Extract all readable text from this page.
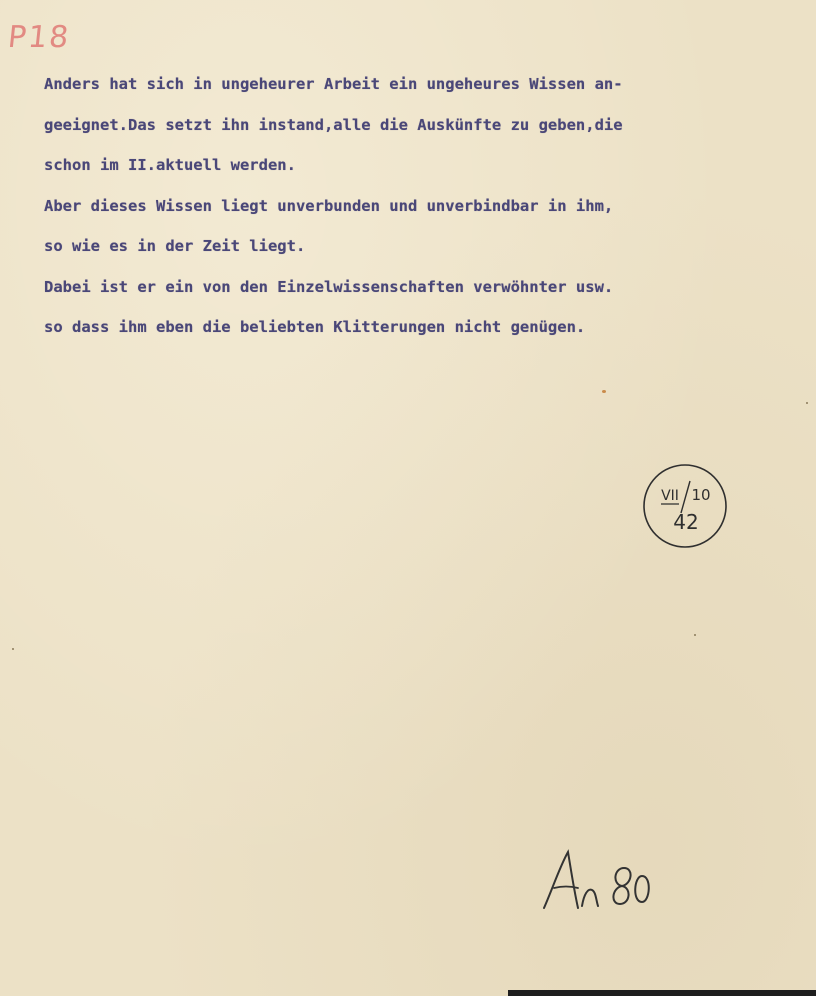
P18
Anders hat sich in ungeheurer Arbeit ein ungeheures Wissen an-
geeignet.Das setzt ihn instand,alle die Auskünfte zu geben,die
schon im II.aktuell werden.
Aber dieses Wissen liegt unverbunden und unverbindbar in ihm,
so wie es in der Zeit liegt.
Dabei ist er ein von den Einzelwissenschaften verwöhnter usw.
so dass ihm eben die beliebten Klitterungen nicht genügen.
VII 10
42
